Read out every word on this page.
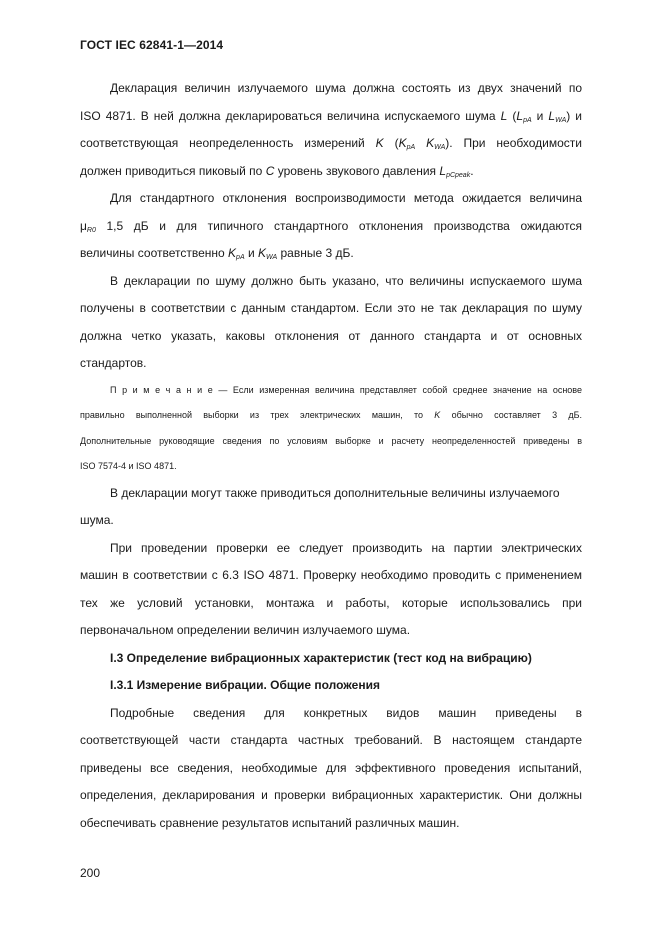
ГОСТ IEC 62841-1—2014
Декларация величин излучаемого шума должна состоять из двух значений по
ISO 4871. В ней должна декларироваться величина испускаемого шума L ($L_{pA}$ и $L_{WA}$) и
соответствующая неопределенность измерений K ($K_{pA}$ $K_{WA}$). При необходимости
должен приводиться пиковый по C уровень звукового давления $L_{pCpeak}$.
Для стандартного отклонения воспроизводимости метода ожидается величина
$\mu_{R0}$ 1,5 дБ и для типичного стандартного отклонения производства ожидаются
величины соответственно $K_{pA}$ и $K_{WA}$ равные 3 дБ.
В декларации по шуму должно быть указано, что величины испускаемого шума
получены в соответствии с данным стандартом. Если это не так декларация по шуму
должна четко указать, каковы отклонения от данного стандарта и от основных
стандартов.
П р и м е ч а н и е — Если измеренная величина представляет собой среднее значение на основе
правильно выполненной выборки из трех электрических машин, то K обычно составляет 3 дБ.
Дополнительные руководящие сведения по условиям выборке и расчету неопределенностей приведены в
ISO 7574-4 и ISO 4871.
В декларации могут также приводиться дополнительные величины излучаемого
шума.
При проведении проверки ее следует производить на партии электрических
машин в соответствии с 6.3 ISO 4871. Проверку необходимо проводить с применением
тех же условий установки, монтажа и работы, которые использовались при
первоначальном определении величин излучаемого шума.
I.3 Определение вибрационных характеристик (тест код на вибрацию)
I.3.1 Измерение вибрации. Общие положения
Подробные сведения для конкретных видов машин приведены в
соответствующей части стандарта частных требований. В настоящем стандарте
приведены все сведения, необходимые для эффективного проведения испытаний,
определения, декларирования и проверки вибрационных характеристик. Они должны
обеспечивать сравнение результатов испытаний различных машин.
200
